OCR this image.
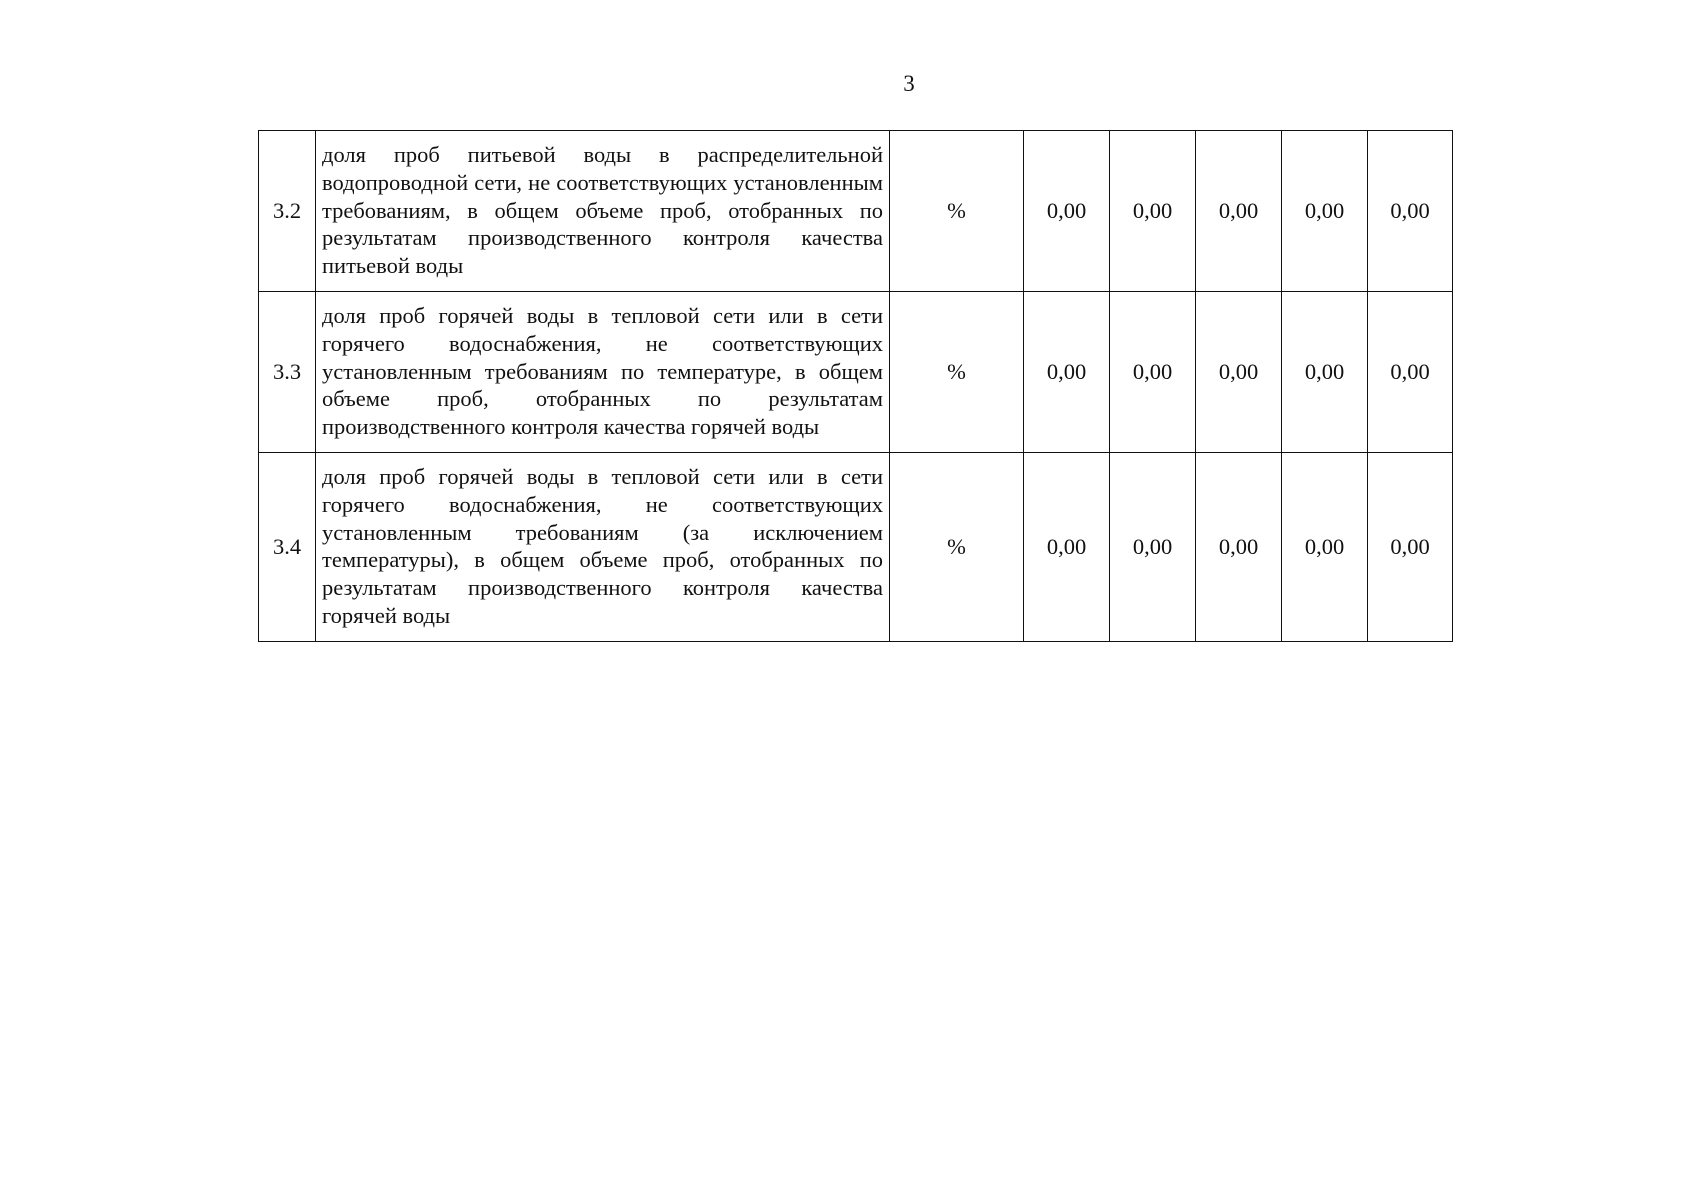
3
3.2	доля проб питьевой воды в распределительной водопроводной сети, не соответствующих установленным требованиям, в общем объеме проб, отобранных по результатам производственного контроля качества питьевой воды	%	0,00	0,00	0,00	0,00	0,00
3.3	доля проб горячей воды в тепловой сети или в сети горячего водоснабжения, не соответствующих установленным требованиям по температуре, в общем объеме проб, отобранных по результатам производственного контроля качества горячей воды	%	0,00	0,00	0,00	0,00	0,00
3.4	доля проб горячей воды в тепловой сети или в сети горячего водоснабжения, не соответствующих установленным требованиям (за исключением температуры), в общем объеме проб, отобранных по результатам производственного контроля качества горячей воды	%	0,00	0,00	0,00	0,00	0,00
